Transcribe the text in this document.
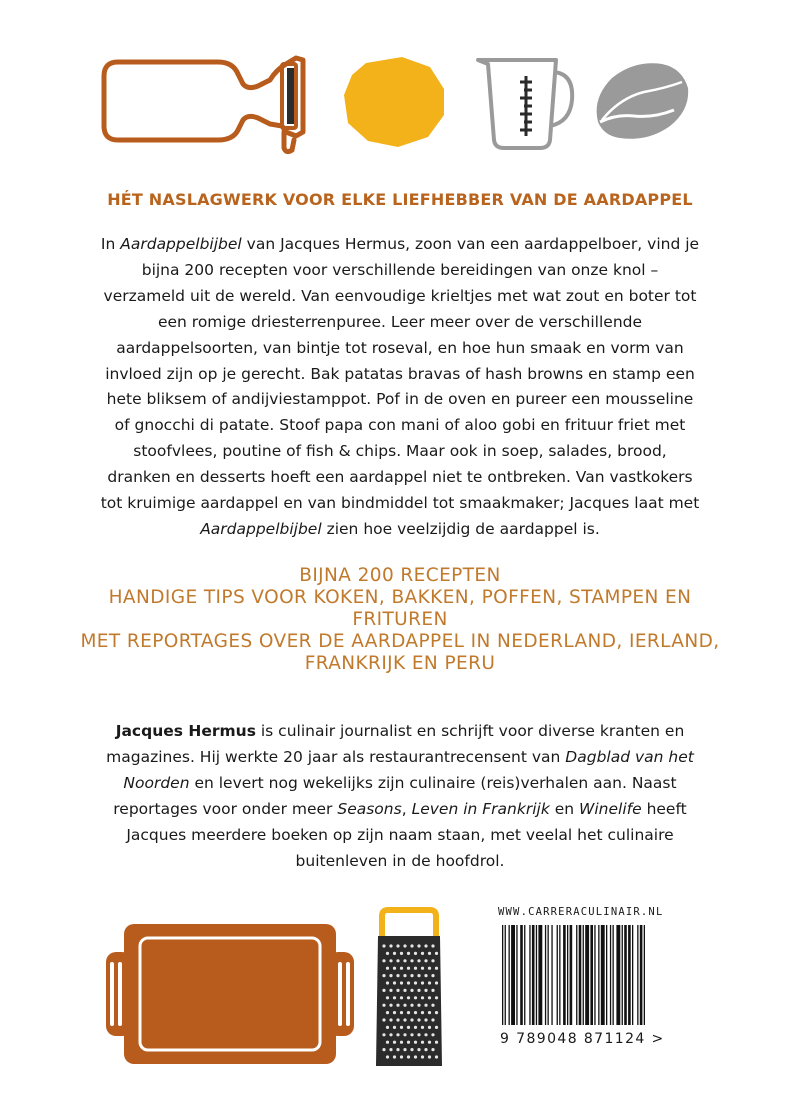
HÉT NASLAGWERK VOOR ELKE LIEFHEBBER VAN DE AARDAPPEL

In Aardappelbijbel van Jacques Hermus, zoon van een aardappelboer, vind je bijna 200 recepten voor verschillende bereidingen van onze knol – verzameld uit de wereld. Van eenvoudige krieltjes met wat zout en boter tot een romige driesterrenpuree. Leer meer over de verschillende aardappelsoorten, van bintje tot roseval, en hoe hun smaak en vorm van invloed zijn op je gerecht. Bak patatas bravas of hash browns en stamp een hete bliksem of andijviestamppot. Pof in de oven en pureer een mousseline of gnocchi di patate. Stoof papa con mani of aloo gobi en frituur friet met stoofvlees, poutine of fish & chips. Maar ook in soep, salades, brood, dranken en desserts hoeft een aardappel niet te ontbreken. Van vastkokers tot kruimige aardappel en van bindmiddel tot smaakmaker; Jacques laat met Aardappelbijbel zien hoe veelzijdig de aardappel is.

BIJNA 200 RECEPTEN
HANDIGE TIPS VOOR KOKEN, BAKKEN, POFFEN, STAMPEN EN FRITUREN
MET REPORTAGES OVER DE AARDAPPEL IN NEDERLAND, IERLAND, FRANKRIJK EN PERU

Jacques Hermus is culinair journalist en schrijft voor diverse kranten en magazines. Hij werkte 20 jaar als restaurantrecensent van Dagblad van het Noorden en levert nog wekelijks zijn culinaire (reis)verhalen aan. Naast reportages voor onder meer Seasons, Leven in Frankrijk en Winelife heeft Jacques meerdere boeken op zijn naam staan, met veelal het culinaire buitenleven in de hoofdrol.

WWW.CARRERACULINAIR.NL
9 789048 871124 >
